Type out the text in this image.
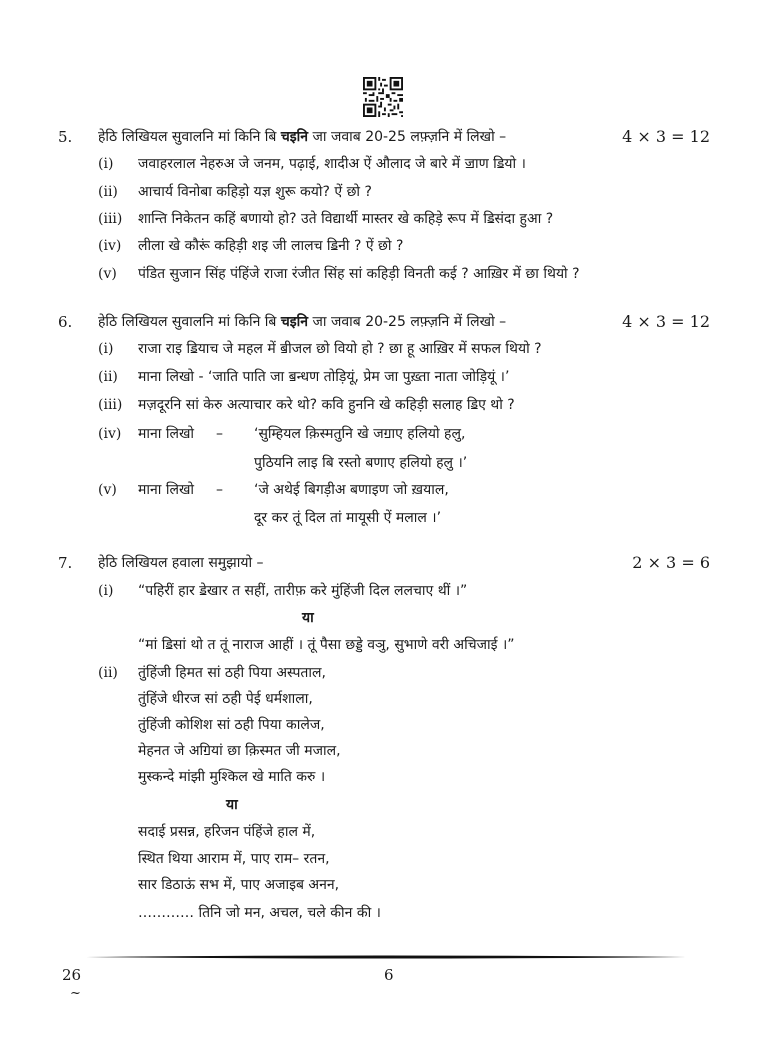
5. हेठि लिखियल सुवालनि मां किनि बि चइनि जा जवाब 20-25 लफ़्ज़नि में लिखो –	4 × 3 = 12
(i) जवाहरलाल नेहरुअ जे जनम, पढ़ाई, शादीअ ऐं औलाद जे बारे में ॼाण ॾियो ।
(ii) आचार्य विनोबा कहिड़ो यज्ञ शुरू कयो? ऐं छो ?
(iii) शान्ति निकेतन कहिं बणायो हो? उते विद्यार्थी मास्तर खे कहिड़े रूप में ॾिसंदा हुआ ?
(iv) लीला खे कौरूं कहिड़ी शइ जी लालच ॾिनी ? ऐं छो ?
(v) पंडित सुजान सिंह पंहिंजे राजा रंजीत सिंह सां कहिड़ी विनती कई ? आख़िर में छा थियो ?
6. हेठि लिखियल सुवालनि मां किनि बि चइनि जा जवाब 20-25 लफ़्ज़नि में लिखो –	4 × 3 = 12
(i) राजा राइ ॾियाच जे महल में ॿीजल छो वियो हो ? छा हू आख़िर में सफल थियो ?
(ii) माना लिखो - ‘जाति पाति जा ॿन्धण तोड़ियूं, प्रेम जा पुख़्ता नाता जोड़ियूं ।’
(iii) मज़दूरनि सां केरु अत्याचार करे थो? कवि हुननि खे कहिड़ी सलाह ॾिए थो ?
(iv) माना लिखो – ‘सुम्हियल क़िस्मतुनि खे जॻाए हलियो हलु,
पुठियनि लाइ बि रस्तो बणाए हलियो हलु ।’
(v) माना लिखो – ‘जे अथेई बिगड़ीअ बणाइण जो ख़याल,
दूर कर तूं दिल तां मायूसी ऐं मलाल ।’
7. हेठि लिखियल हवाला समुझायो –	2 × 3 = 6
(i) “पहिरीं हार ॾेखार त सहीं, तारीफ़ करे मुंहिंजी दिल ललचाए थीं ।”
या
“मां ॾिसां थो त तूं नाराज आहीं । तूं पैसा छड्डे वञु, सुभाणे वरी अचिजाई ।”
(ii) तुंहिंजी हिमत सां ठही पिया अस्पताल,
तुंहिंजे धीरज सां ठही पेई धर्मशाला,
तुंहिंजी कोशिश सां ठही पिया कालेज,
मेहनत जे अॻियां छा क़िस्मत जी मजाल,
मुस्कन्दे मांझी मुश्किल खे माति करु ।
या
सदाई प्रसन्न, हरिजन पंहिंजे हाल में,
स्थित थिया आराम में, पाए राम– रतन,
सार डिठाऊं सभ में, पाए अजाइब अनन,
………… तिनि जो मन, अचल, चले कीन की ।
26	6
~
